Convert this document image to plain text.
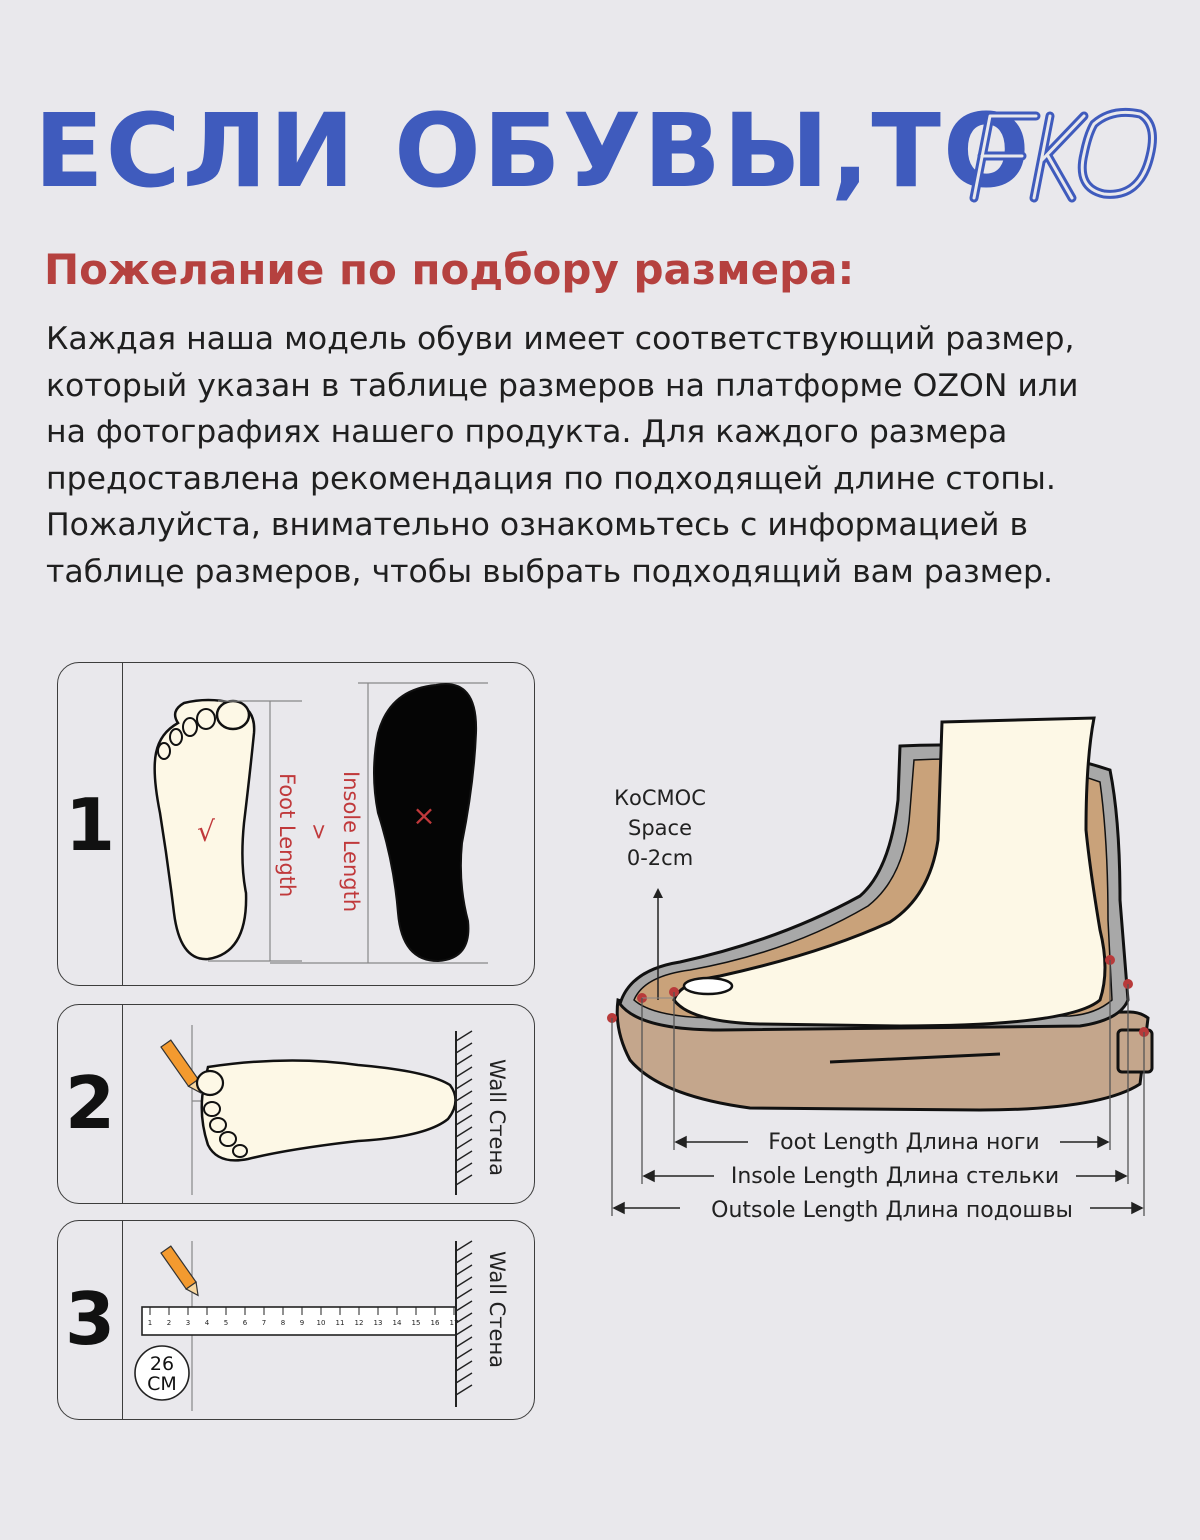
ЕСЛИ ОБУВЫ,ТО	FKO
Пожелание по подбору размера:
Каждая наша модель обуви имеет соответствующий размер,
который указан в таблице размеров на платформе OZON или
на фотографиях нашего продукта. Для каждого размера
предоставлена рекомендация по подходящей длине стопы.
Пожалуйста, внимательно ознакомьтесь с информацией в
таблице размеров, чтобы выбрать подходящий вам размер.
1	√	Foot Length > Insole Length ×
2	Wall Стена
3	1 2 3 4 5 6 7 8 9 10 11 12 13 14 15 16 17 Wall Стена
26
СМ
Foot Length Длина ноги
Insole Length Длина стельки
Outsole Length Длина подошвы
КоСМОС
Space
0-2cm
